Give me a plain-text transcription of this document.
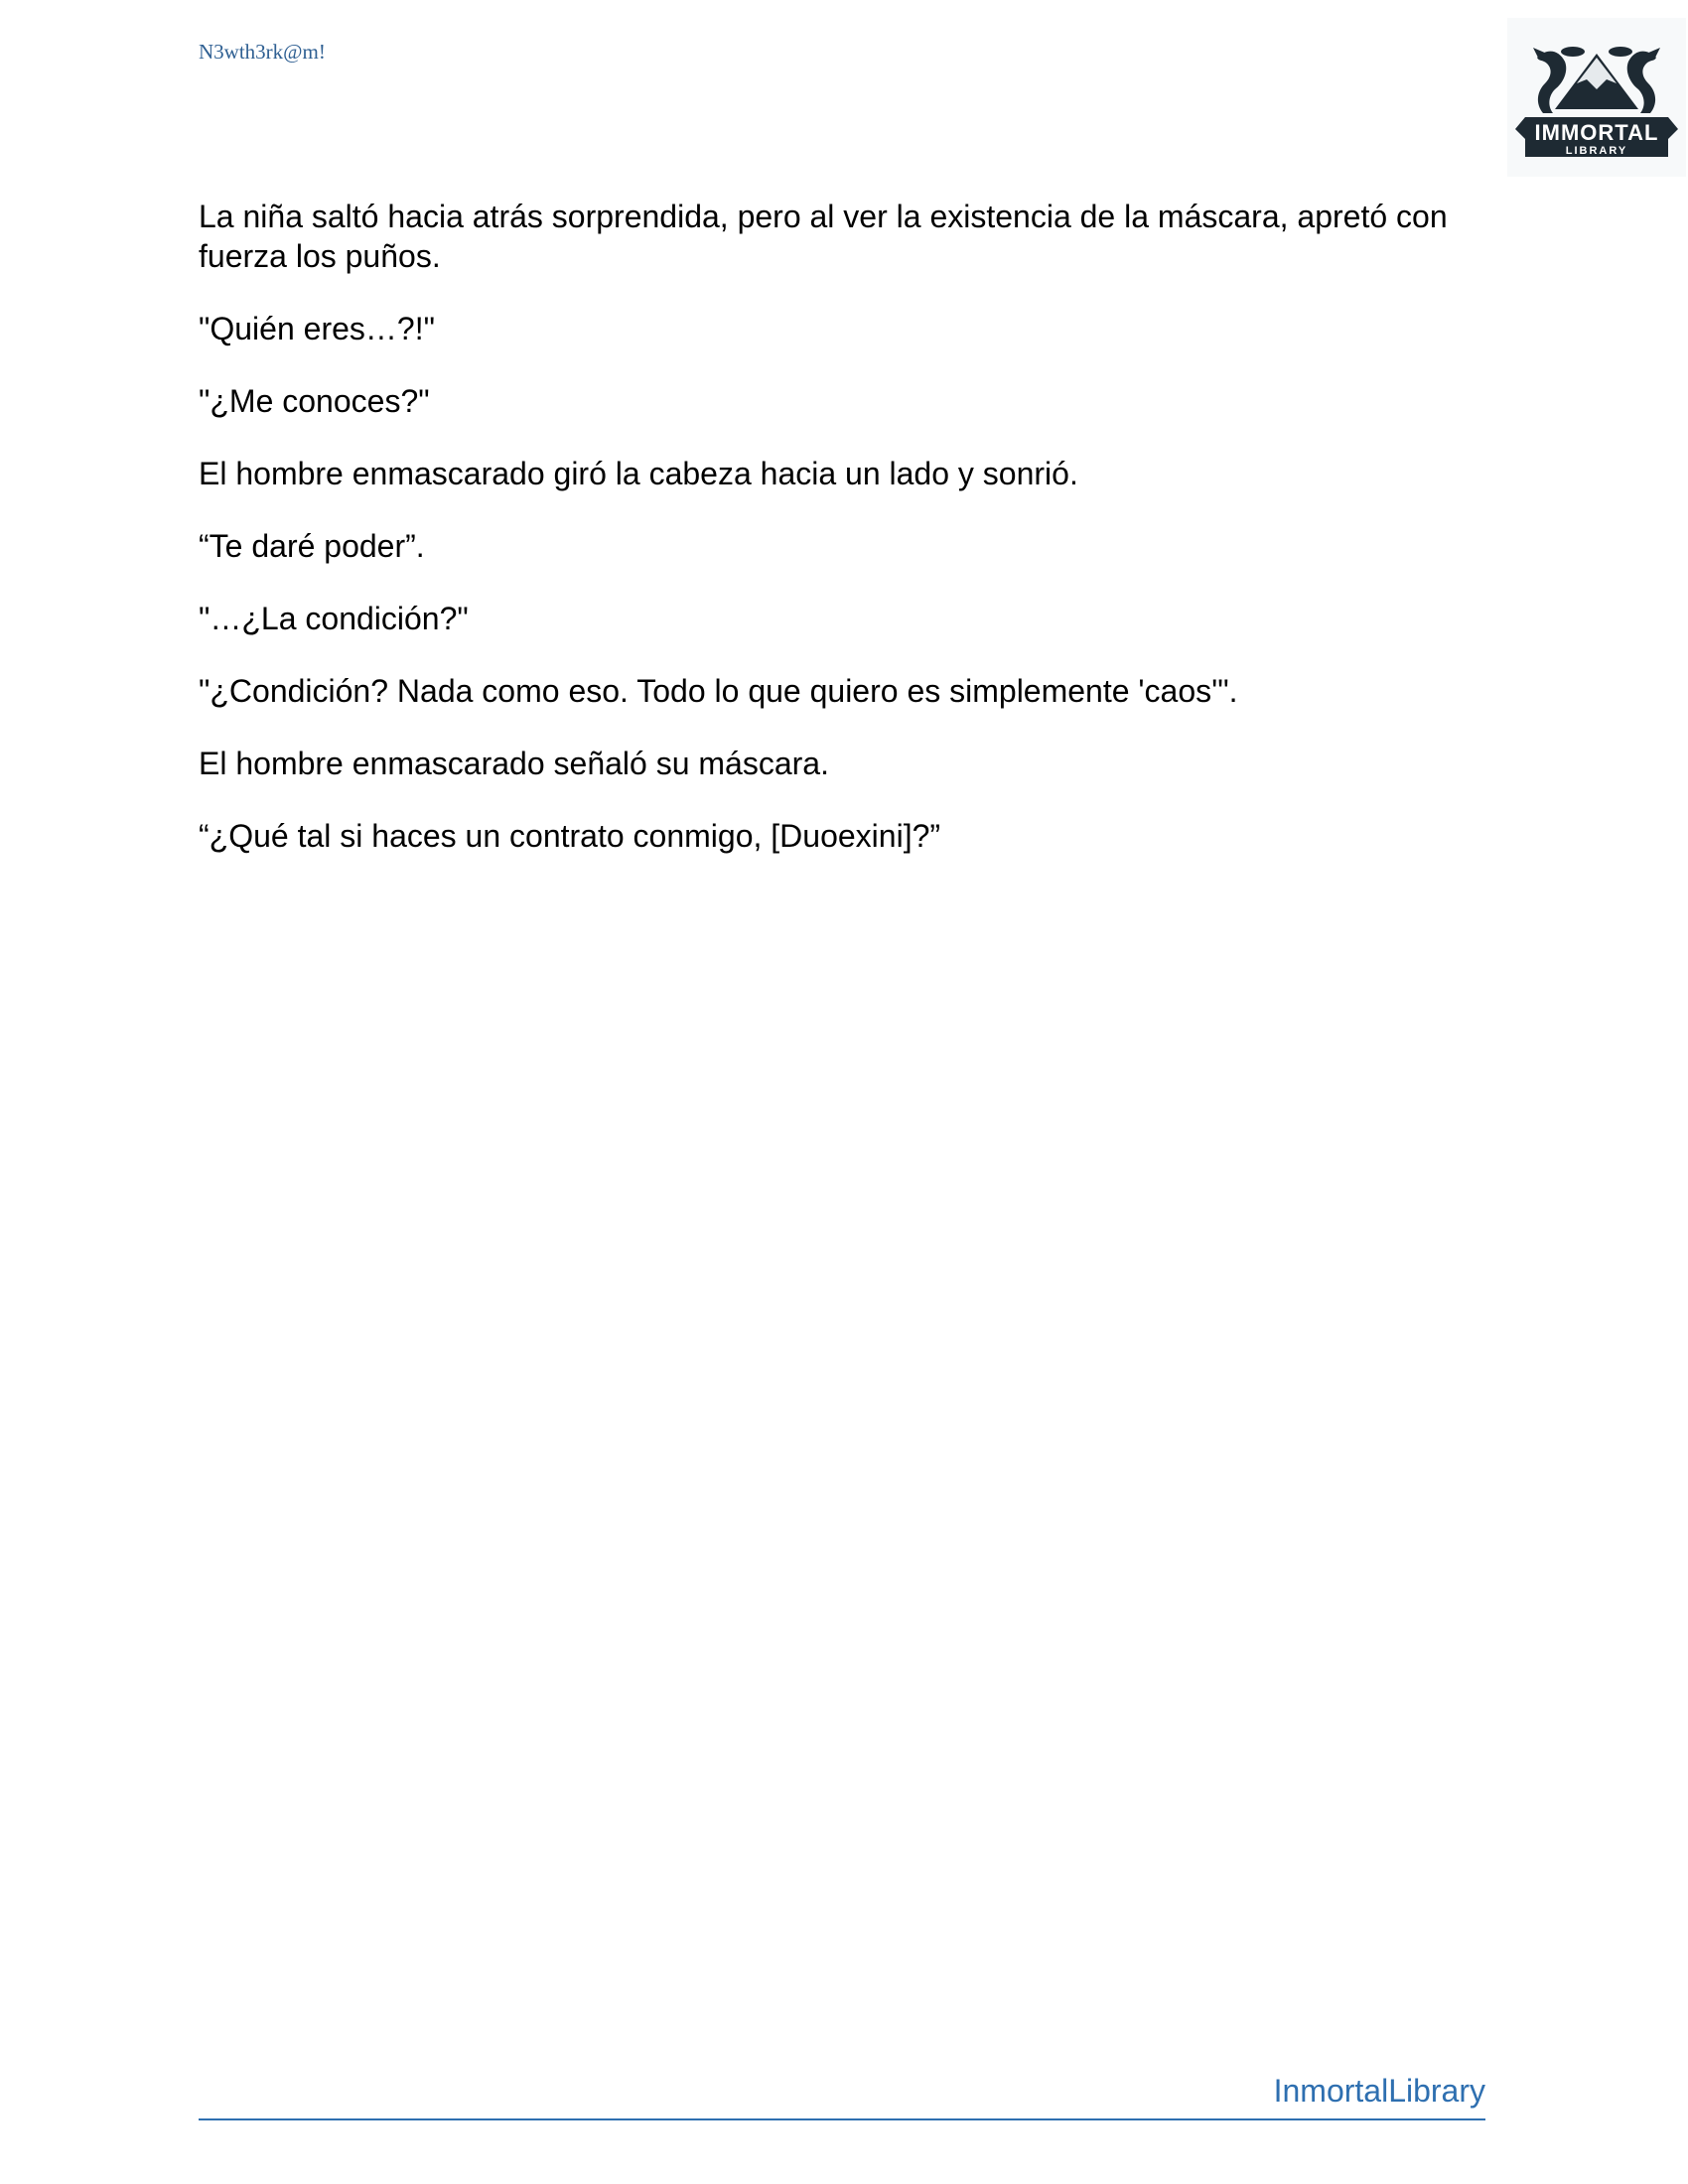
N3wth3rk@m!
IMMORTAL
LIBRARY

La niña saltó hacia atrás sorprendida, pero al ver la existencia de la máscara, apretó con fuerza los puños.

"Quién eres…?!"

"¿Me conoces?"

El hombre enmascarado giró la cabeza hacia un lado y sonrió.

“Te daré poder”.

"…¿La condición?"

"¿Condición? Nada como eso. Todo lo que quiero es simplemente 'caos'".

El hombre enmascarado señaló su máscara.

“¿Qué tal si haces un contrato conmigo, [Duoexini]?”

InmortalLibrary
